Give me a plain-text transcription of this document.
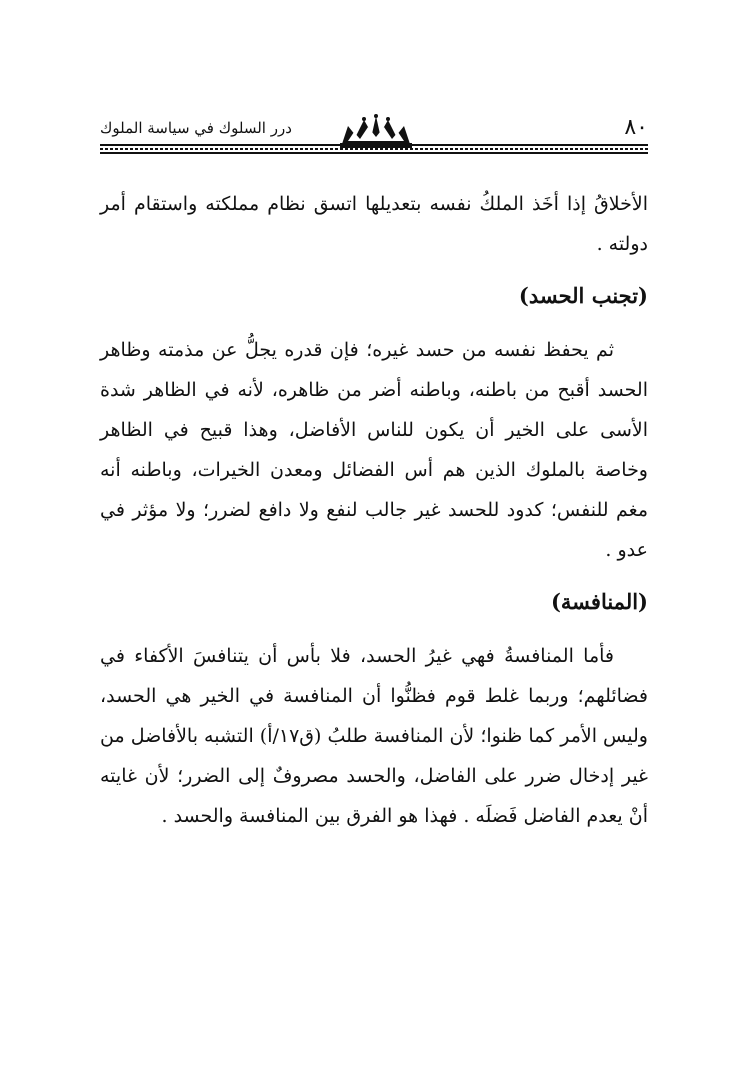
٨٠
درر السلوك في سياسة الملوك

الأخلاقُ إذا أخَذ الملكُ نفسه بتعديلها اتسق نظام مملكته واستقام أمر دولته .

(تجنب الحسد)

ثم يحفظ نفسه من حسد غيره؛ فإن قدره يجلُّ عن مذمته وظاهر الحسد أقبح من باطنه، وباطنه أضر من ظاهره، لأنه في الظاهر شدة الأسى على الخير أن يكون للناس الأفاضل، وهذا قبيح في الظاهر وخاصة بالملوك الذين هم أس الفضائل ومعدن الخيرات، وباطنه أنه مغم للنفس؛ كدود للحسد غير جالب لنفع ولا دافع لضرر؛ ولا مؤثر في عدو .

(المنافسة)

فأما المنافسةُ فهي غيرُ الحسد، فلا بأس أن يتنافسَ الأكفاء في فضائلهم؛ وربما غلط قوم فظنُّوا أن المنافسة في الخير هي الحسد، وليس الأمر كما ظنوا؛ لأن المنافسة طلبُ (ق١٧/أ) التشبه بالأفاضل من غير إدخال ضرر على الفاضل، والحسد مصروفٌ إلى الضرر؛ لأن غايته أنْ يعدم الفاضل فَضلَه . فهذا هو الفرق بين المنافسة والحسد .
